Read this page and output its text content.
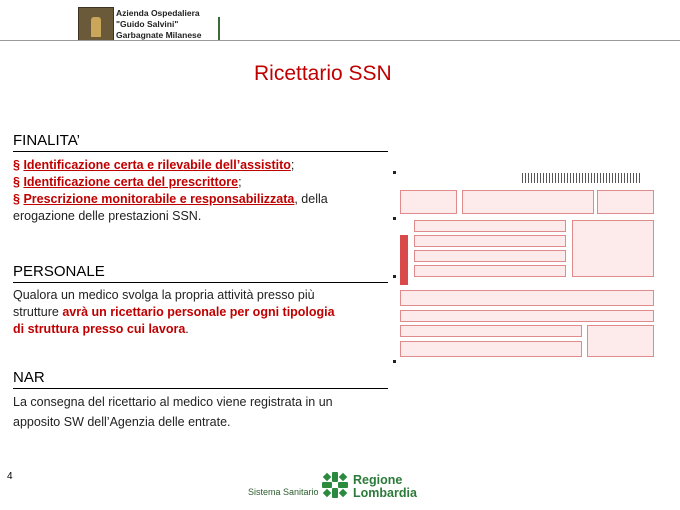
Azienda Ospedaliera
"Guido Salvini"
Garbagnate Milanese
Ricettario SSN
FINALITA’
§ Identificazione certa e rilevabile dell’assistito;
§ Identificazione certa del prescrittore;
§ Prescrizione monitorabile e responsabilizzata, della
erogazione delle prestazioni SSN.
PERSONALE
Qualora un medico svolga la propria attività presso più
strutture avrà un ricettario personale per ogni tipologia
di struttura presso cui lavora.
NAR
La consegna del ricettario al medico viene registrata in un
apposito SW dell’Agenzia delle entrate.
4
Sistema Sanitario
Regione
Lombardia
